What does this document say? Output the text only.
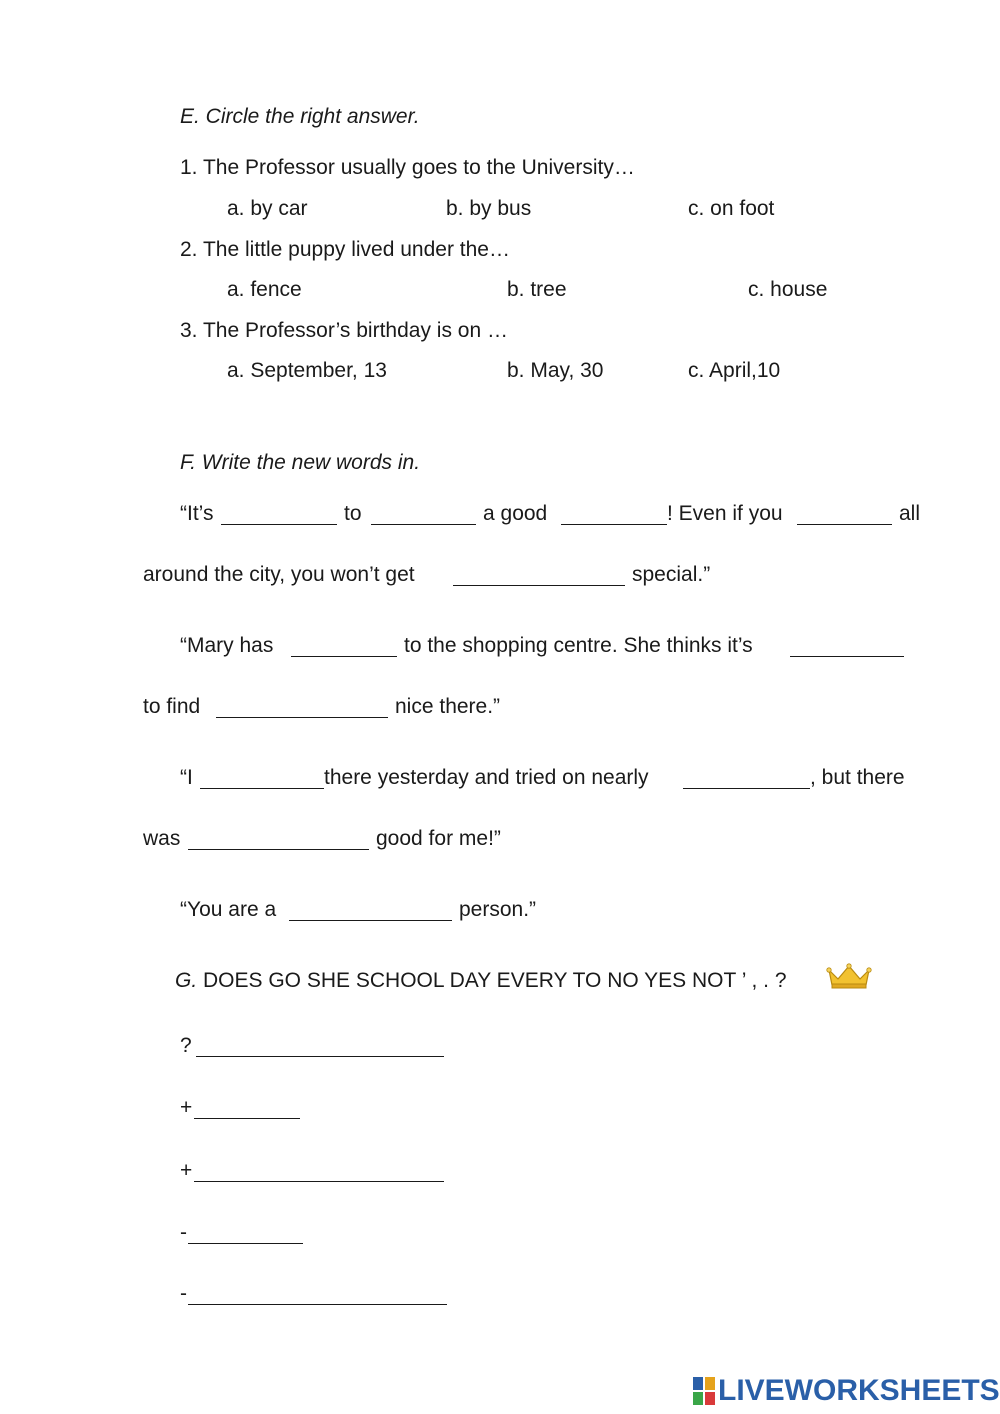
E. Circle the right answer.
1. The Professor usually goes to the University…
a. by car	b. by bus	c. on foot
2. The little puppy lived under the…
a. fence	b. tree	c. house
3. The Professor’s birthday is on …
a. September, 13	b. May, 30	c. April,10
F. Write the new words in.
“It’s	to	a good	! Even if you	all
around the city, you won’t get	special.”
“Mary has	to the shopping centre. She thinks it’s
to find	nice there.”
“I	there yesterday and tried on nearly	, but there
was	good for me!”
“You are a	person.”
G. DOES GO SHE SCHOOL DAY EVERY TO NO YES NOT ’ , . ?
?
+
+
-
-
LIVEWORKSHEETS
